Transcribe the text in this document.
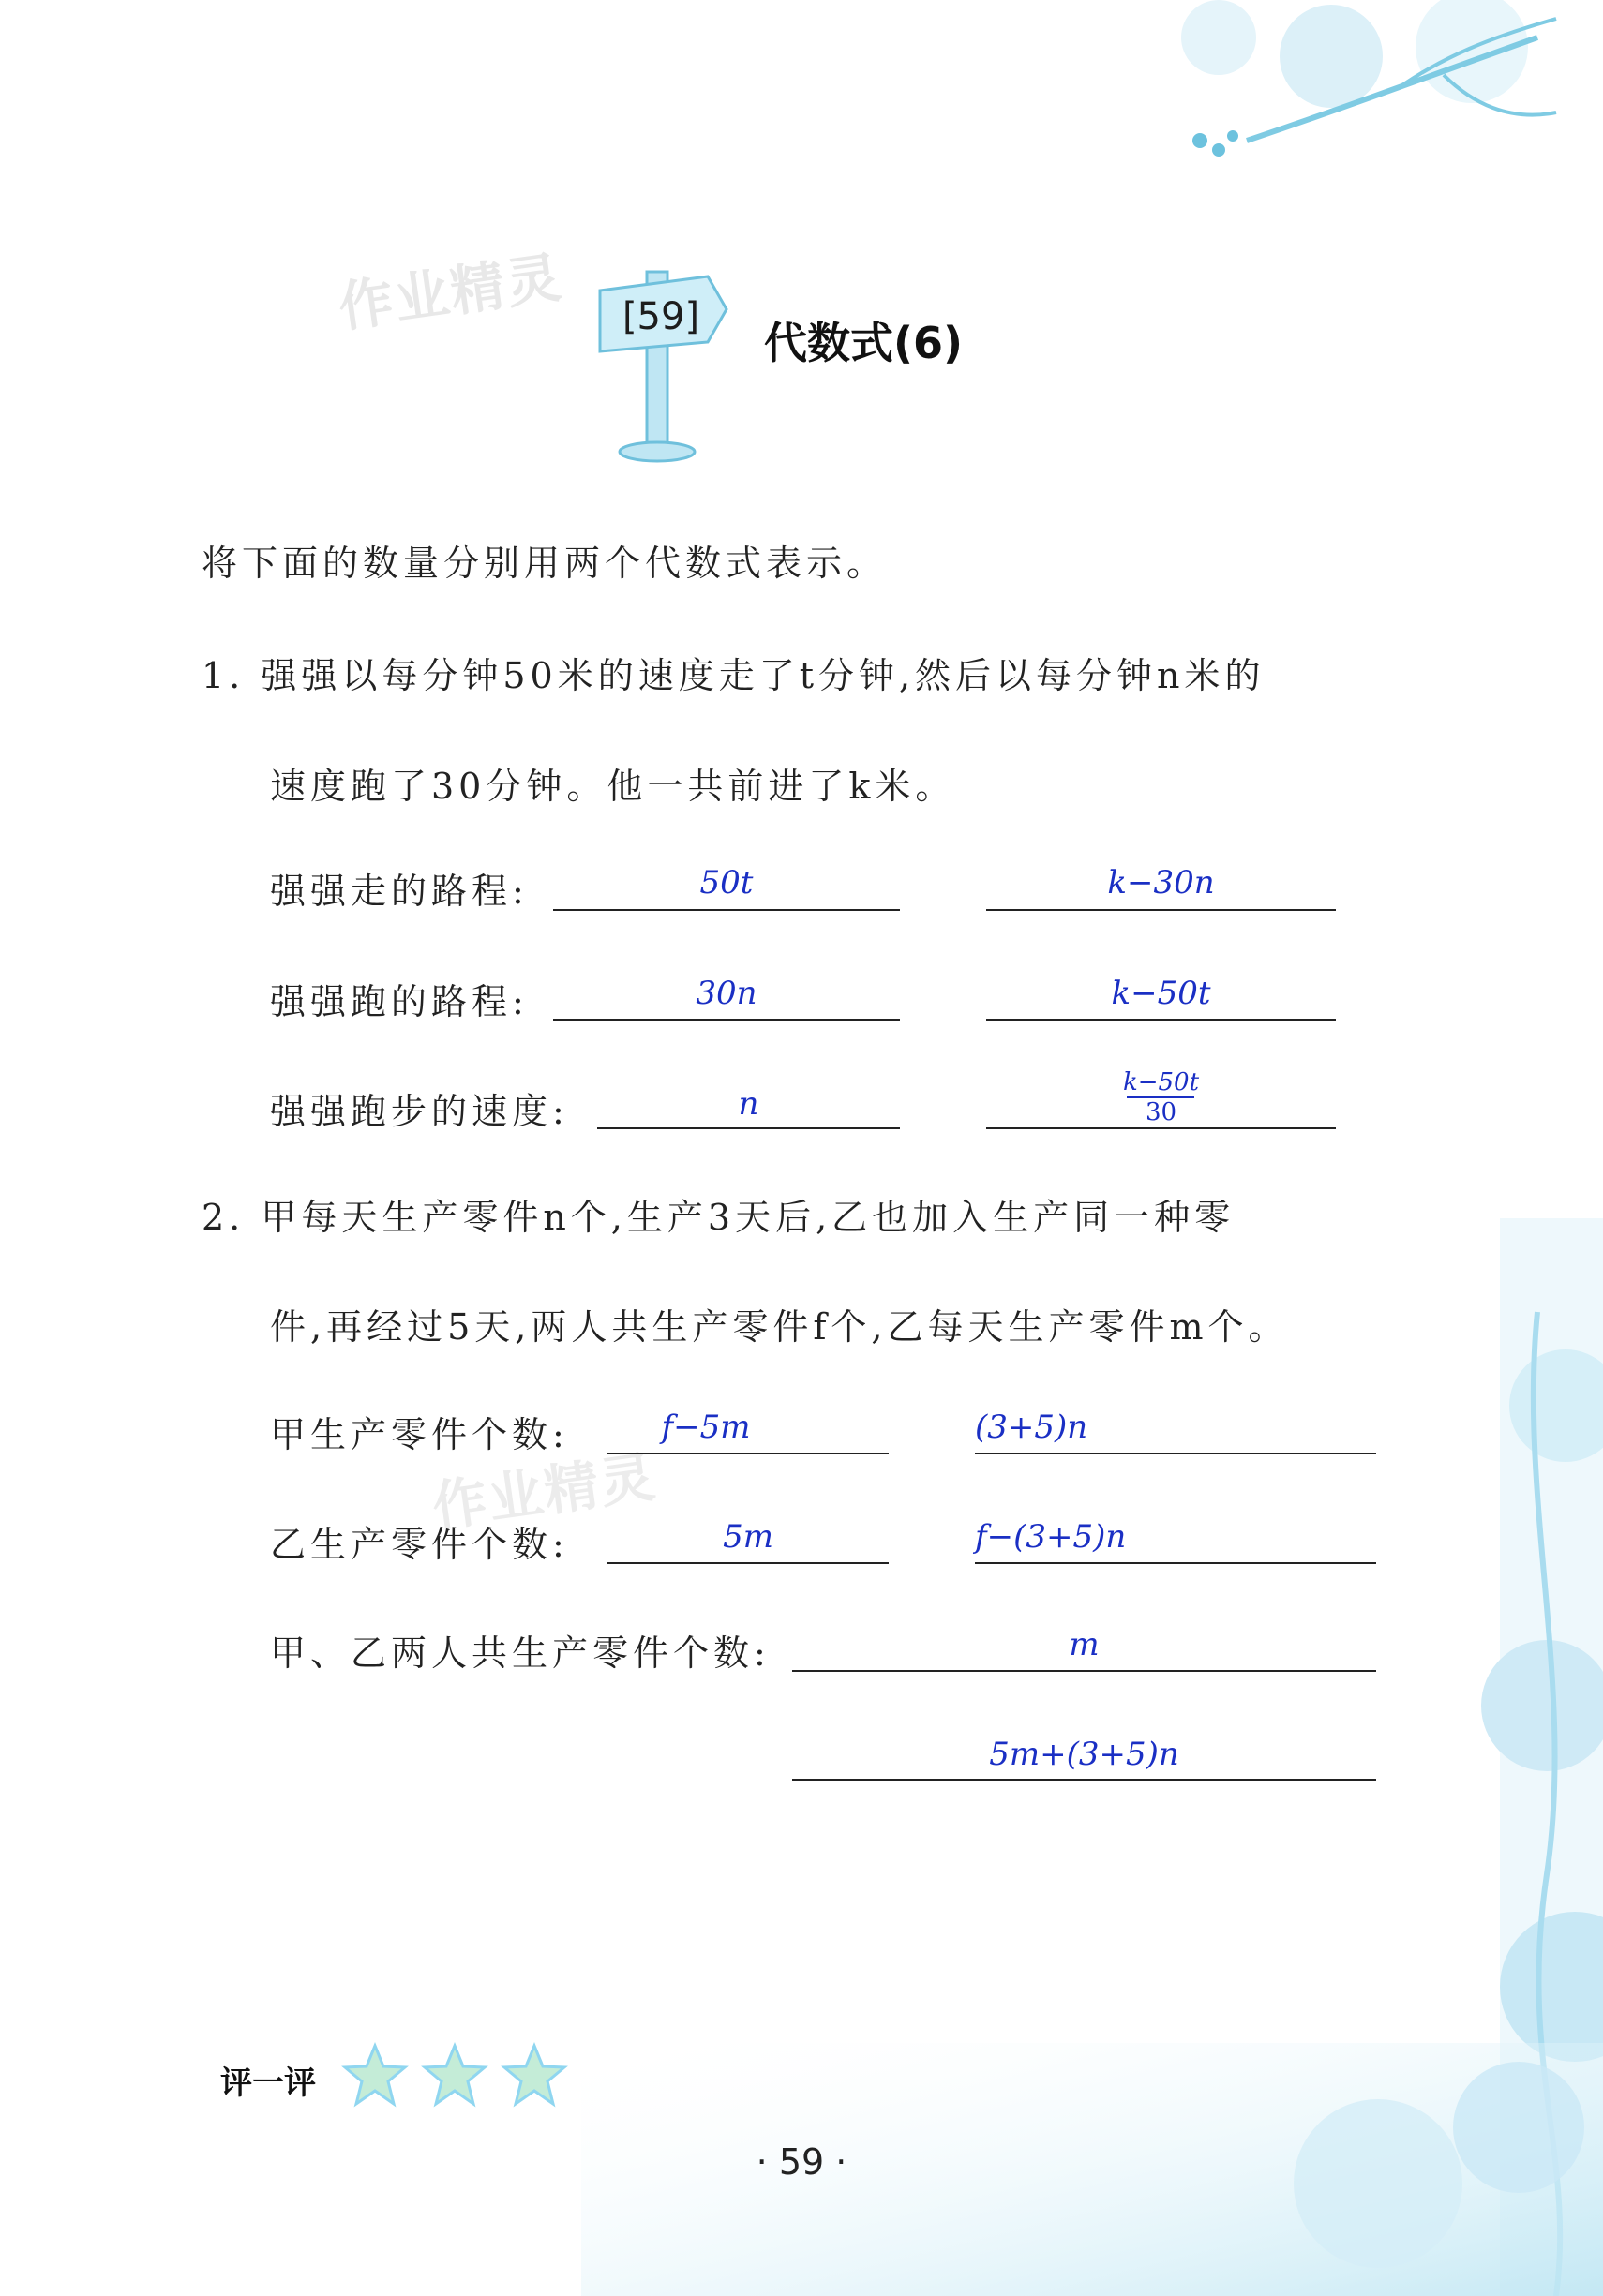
作业精灵
作业精灵
[59]
代数式(6)
将下面的数量分别用两个代数式表示。
1. 强强以每分钟50米的速度走了t分钟,然后以每分钟n米的
速度跑了30分钟。他一共前进了k米。
强强走的路程:	50t	k−30n
强强跑的路程:	30n	k−50t
强强跑步的速度:	n	$\frac{k-50t}{30}$
2. 甲每天生产零件n个,生产3天后,乙也加入生产同一种零
件,再经过5天,两人共生产零件f个,乙每天生产零件m个。
甲生产零件个数:	f−5m	(3+5)n
乙生产零件个数:	5m	f−(3+5)n
甲、乙两人共生产零件个数:	m
5m+(3+5)n
评一评
· 59 ·
